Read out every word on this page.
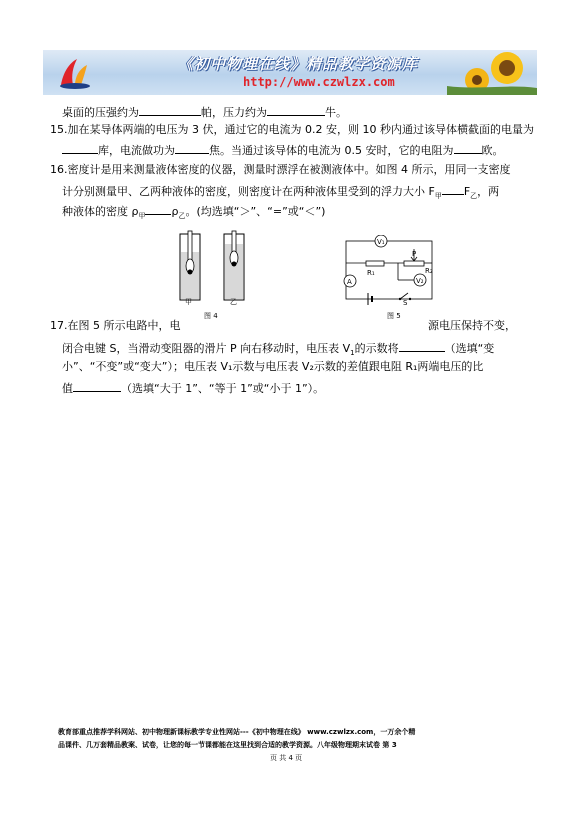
《初中物理在线》精品教学资源库
http://www.czwlzx.com
桌面的压强约为	帕，压力约为	牛。
15.加在某导体两端的电压为 3 伏，通过它的电流为 0.2 安，则 10 秒内通过该导体横截面的电量为
库，电流做功为	焦。当通过该导体的电流为 0.5 安时，它的电阻为	欧。
16.密度计是用来测量液体密度的仪器，测量时漂浮在被测液体中。如图 4 所示，用同一支密度
计分别测量甲、乙两种液体的密度，则密度计在两种液体里受到的浮力大小 $F_甲$ $F_乙$，两
种液体的密度 $\rho_甲$ $\rho_乙$。(均选填“＞”、“=”或“＜”)
甲	乙
图 4
V₁
V₂
A
R₁	R₂
P
S
图 5
17.在图 5 所示电路中，电	源电压保持不变，
闭合电键 S，当滑动变阻器的滑片 P 向右移动时，电压表 $V_1$的示数将	（选填“变
小”、“不变”或“变大”）；电压表 V₁示数与电压表 V₂示数的差值跟电阻 R₁两端电压的比
值	（选填“大于 1”、“等于 1”或“小于 1”）。
教育部重点推荐学科网站、初中物理新课标教学专业性网站---《初中物理在线》 www.czwlzx.com，一万余个精
品课件、几万套精品教案、试卷，让您的每一节课都能在这里找到合适的教学资源。八年级物理期末试卷 第 3
页 共 4 页
